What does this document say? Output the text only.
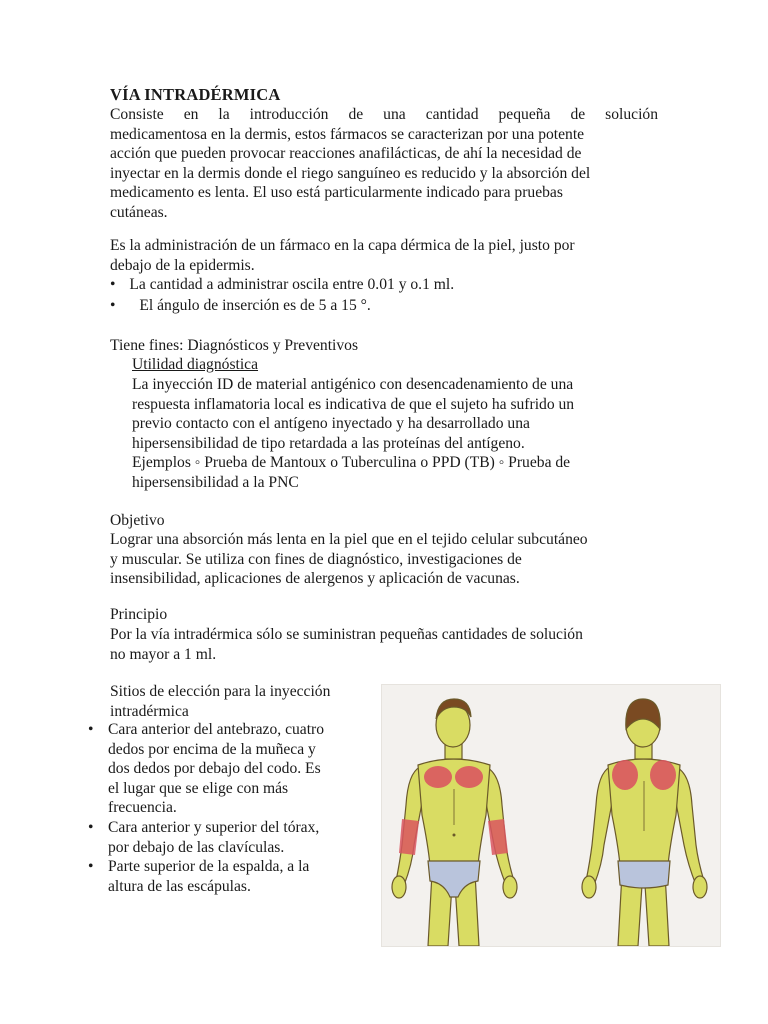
VÍA INTRADÉRMICA
Consiste en la introducción de una cantidad pequeña de solución
medicamentosa en la dermis, estos fármacos se caracterizan por una potente
acción que pueden provocar reacciones anafilácticas, de ahí la necesidad de
inyectar en la dermis donde el riego sanguíneo es reducido y la absorción del
medicamento es lenta. El uso está particularmente indicado para pruebas
cutáneas.
Es la administración de un fármaco en la capa dérmica de la piel, justo por
debajo de la epidermis.
• La cantidad a administrar oscila entre 0.01 y o.1 ml.
• El ángulo de inserción es de 5 a 15 °.
Tiene fines: Diagnósticos y Preventivos
Utilidad diagnóstica
La inyección ID de material antigénico con desencadenamiento de una
respuesta inflamatoria local es indicativa de que el sujeto ha sufrido un
previo contacto con el antígeno inyectado y ha desarrollado una
hipersensibilidad de tipo retardada a las proteínas del antígeno.
Ejemplos ◦ Prueba de Mantoux o Tuberculina o PPD (TB) ◦ Prueba de
hipersensibilidad a la PNC
Objetivo
Lograr una absorción más lenta en la piel que en el tejido celular subcutáneo
y muscular. Se utiliza con fines de diagnóstico, investigaciones de
insensibilidad, aplicaciones de alergenos y aplicación de vacunas.
Principio
Por la vía intradérmica sólo se suministran pequeñas cantidades de solución
no mayor a 1 ml.
Sitios de elección para la inyección
intradérmica
• Cara anterior del antebrazo, cuatro
dedos por encima de la muñeca y
dos dedos por debajo del codo. Es
el lugar que se elige con más
frecuencia.
• Cara anterior y superior del tórax,
por debajo de las clavículas.
• Parte superior de la espalda, a la
altura de las escápulas.
